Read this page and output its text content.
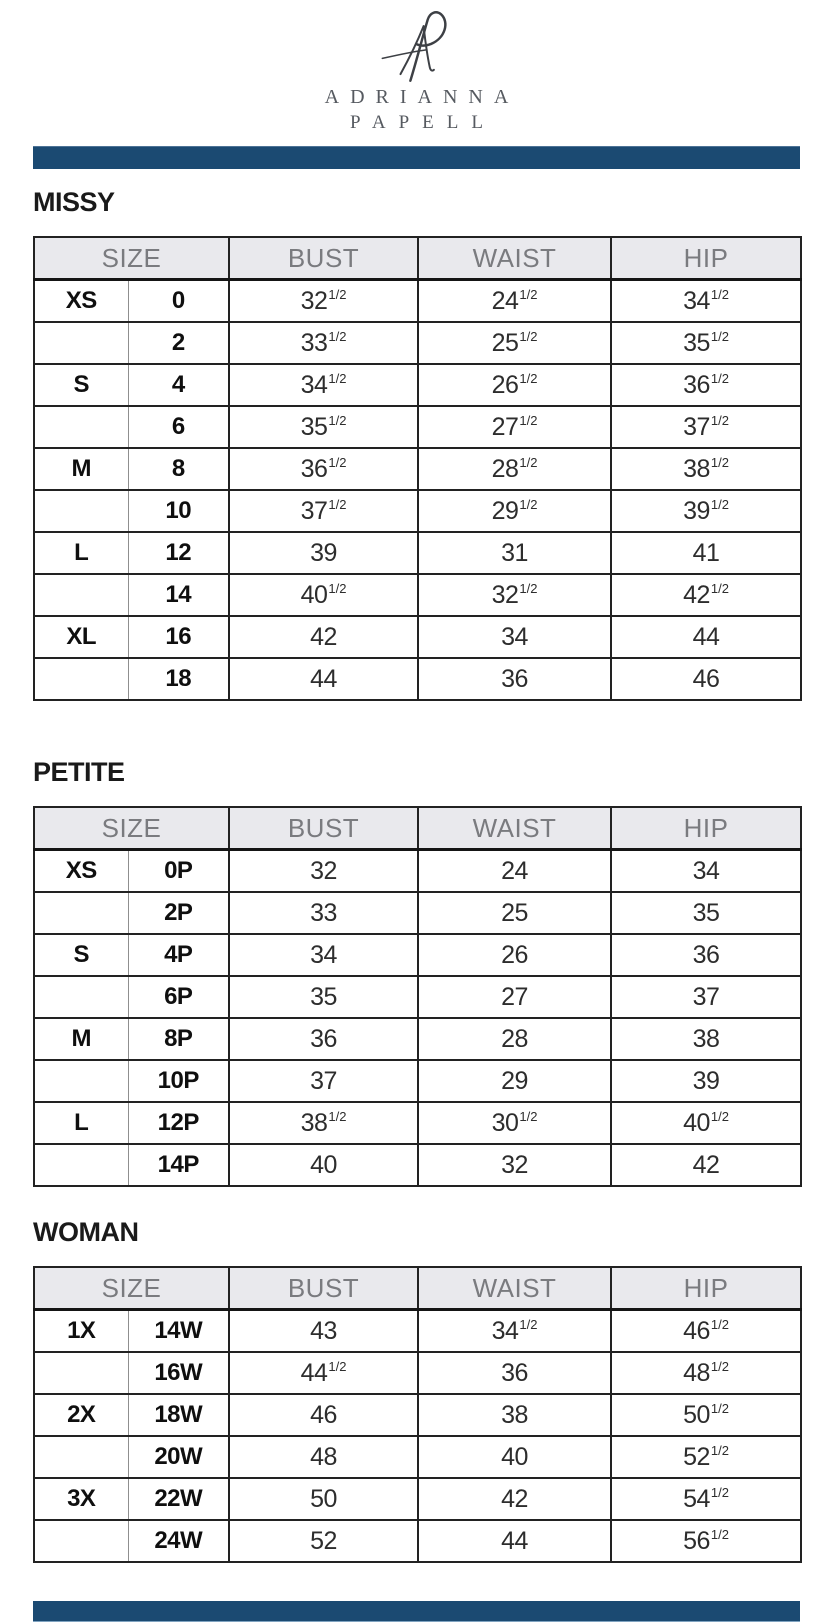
ADRIANNA
PAPELL
MISSY
SIZE		BUST	WAIST	HIP
XS	0	$32^{1/2}$	$24^{1/2}$	$34^{1/2}$
	2	$33^{1/2}$	$25^{1/2}$	$35^{1/2}$
S	4	$34^{1/2}$	$26^{1/2}$	$36^{1/2}$
	6	$35^{1/2}$	$27^{1/2}$	$37^{1/2}$
M	8	$36^{1/2}$	$28^{1/2}$	$38^{1/2}$
	10	$37^{1/2}$	$29^{1/2}$	$39^{1/2}$
L	12	39	31	41
	14	$40^{1/2}$	$32^{1/2}$	$42^{1/2}$
XL	16	42	34	44
	18	44	36	46
PETITE
SIZE		BUST	WAIST	HIP
XS	0P	32	24	34
	2P	33	25	35
S	4P	34	26	36
	6P	35	27	37
M	8P	36	28	38
	10P	37	29	39
L	12P	$38^{1/2}$	$30^{1/2}$	$40^{1/2}$
	14P	40	32	42
WOMAN
SIZE		BUST	WAIST	HIP
1X	14W	43	$34^{1/2}$	$46^{1/2}$
	16W	$44^{1/2}$	36	$48^{1/2}$
2X	18W	46	38	$50^{1/2}$
	20W	48	40	$52^{1/2}$
3X	22W	50	42	$54^{1/2}$
	24W	52	44	$56^{1/2}$
